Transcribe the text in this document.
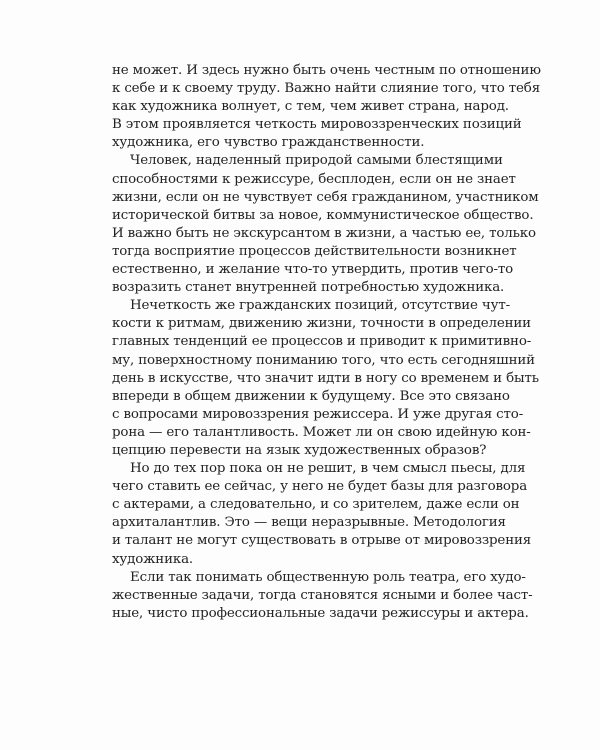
не может. И здесь нужно быть очень честным по отношению
к себе и к своему труду. Важно найти слияние того, что тебя
как художника волнует, с тем, чем живет страна, народ.
В этом проявляется четкость мировоззренческих позиций
художника, его чувство гражданственности.
Человек, наделенный природой самыми блестящими
способностями к режиссуре, бесплоден, если он не знает
жизни, если он не чувствует себя гражданином, участником
исторической битвы за новое, коммунистическое общество.
И важно быть не экскурсантом в жизни, а частью ее, только
тогда восприятие процессов действительности возникнет
естественно, и желание что-то утвердить, против чего-то
возразить станет внутренней потребностью художника.
Нечеткость же гражданских позиций, отсутствие чут-
кости к ритмам, движению жизни, точности в определении
главных тенденций ее процессов и приводит к примитивно-
му, поверхностному пониманию того, что есть сегодняшний
день в искусстве, что значит идти в ногу со временем и быть
впереди в общем движении к будущему. Все это связано
с вопросами мировоззрения режиссера. И уже другая сто-
рона — его талантливость. Может ли он свою идейную кон-
цепцию перевести на язык художественных образов?
Но до тех пор пока он не решит, в чем смысл пьесы, для
чего ставить ее сейчас, у него не будет базы для разговора
с актерами, а следовательно, и со зрителем, даже если он
архиталантлив. Это — вещи неразрывные. Методология
и талант не могут существовать в отрыве от мировоззрения
художника.
Если так понимать общественную роль театра, его худо-
жественные задачи, тогда становятся ясными и более част-
ные, чисто профессиональные задачи режиссуры и актера.
